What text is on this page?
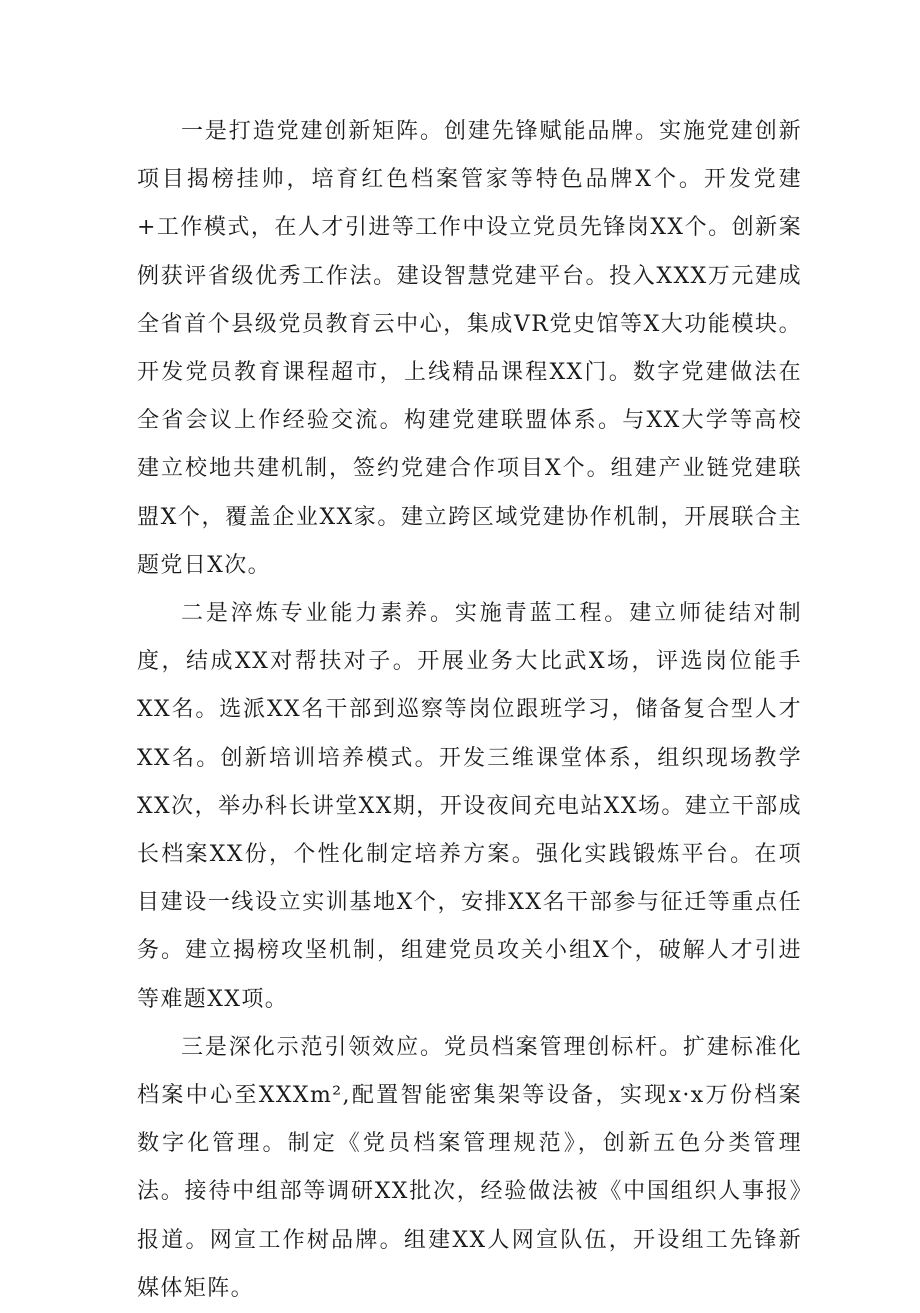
一是打造党建创新矩阵。创建先锋赋能品牌。实施党建创新项目揭榜挂帅，培育红色档案管家等特色品牌X个。开发党建+工作模式，在人才引进等工作中设立党员先锋岗XX个。创新案例获评省级优秀工作法。建设智慧党建平台。投入XXX万元建成全省首个县级党员教育云中心，集成VR党史馆等X大功能模块。开发党员教育课程超市，上线精品课程XX门。数字党建做法在全省会议上作经验交流。构建党建联盟体系。与XX大学等高校建立校地共建机制，签约党建合作项目X个。组建产业链党建联盟X个，覆盖企业XX家。建立跨区域党建协作机制，开展联合主题党日X次。

二是淬炼专业能力素养。实施青蓝工程。建立师徒结对制度，结成XX对帮扶对子。开展业务大比武X场，评选岗位能手XX名。选派XX名干部到巡察等岗位跟班学习，储备复合型人才XX名。创新培训培养模式。开发三维课堂体系，组织现场教学XX次，举办科长讲堂XX期，开设夜间充电站XX场。建立干部成长档案XX份，个性化制定培养方案。强化实践锻炼平台。在项目建设一线设立实训基地X个，安排XX名干部参与征迁等重点任务。建立揭榜攻坚机制，组建党员攻关小组X个，破解人才引进等难题XX项。

三是深化示范引领效应。党员档案管理创标杆。扩建标准化档案中心至XXXm²,配置智能密集架等设备，实现x·x万份档案数字化管理。制定《党员档案管理规范》，创新五色分类管理法。接待中组部等调研XX批次，经验做法被《中国组织人事报》报道。网宣工作树品牌。组建XX人网宣队伍，开设组工先锋新媒体矩阵。
